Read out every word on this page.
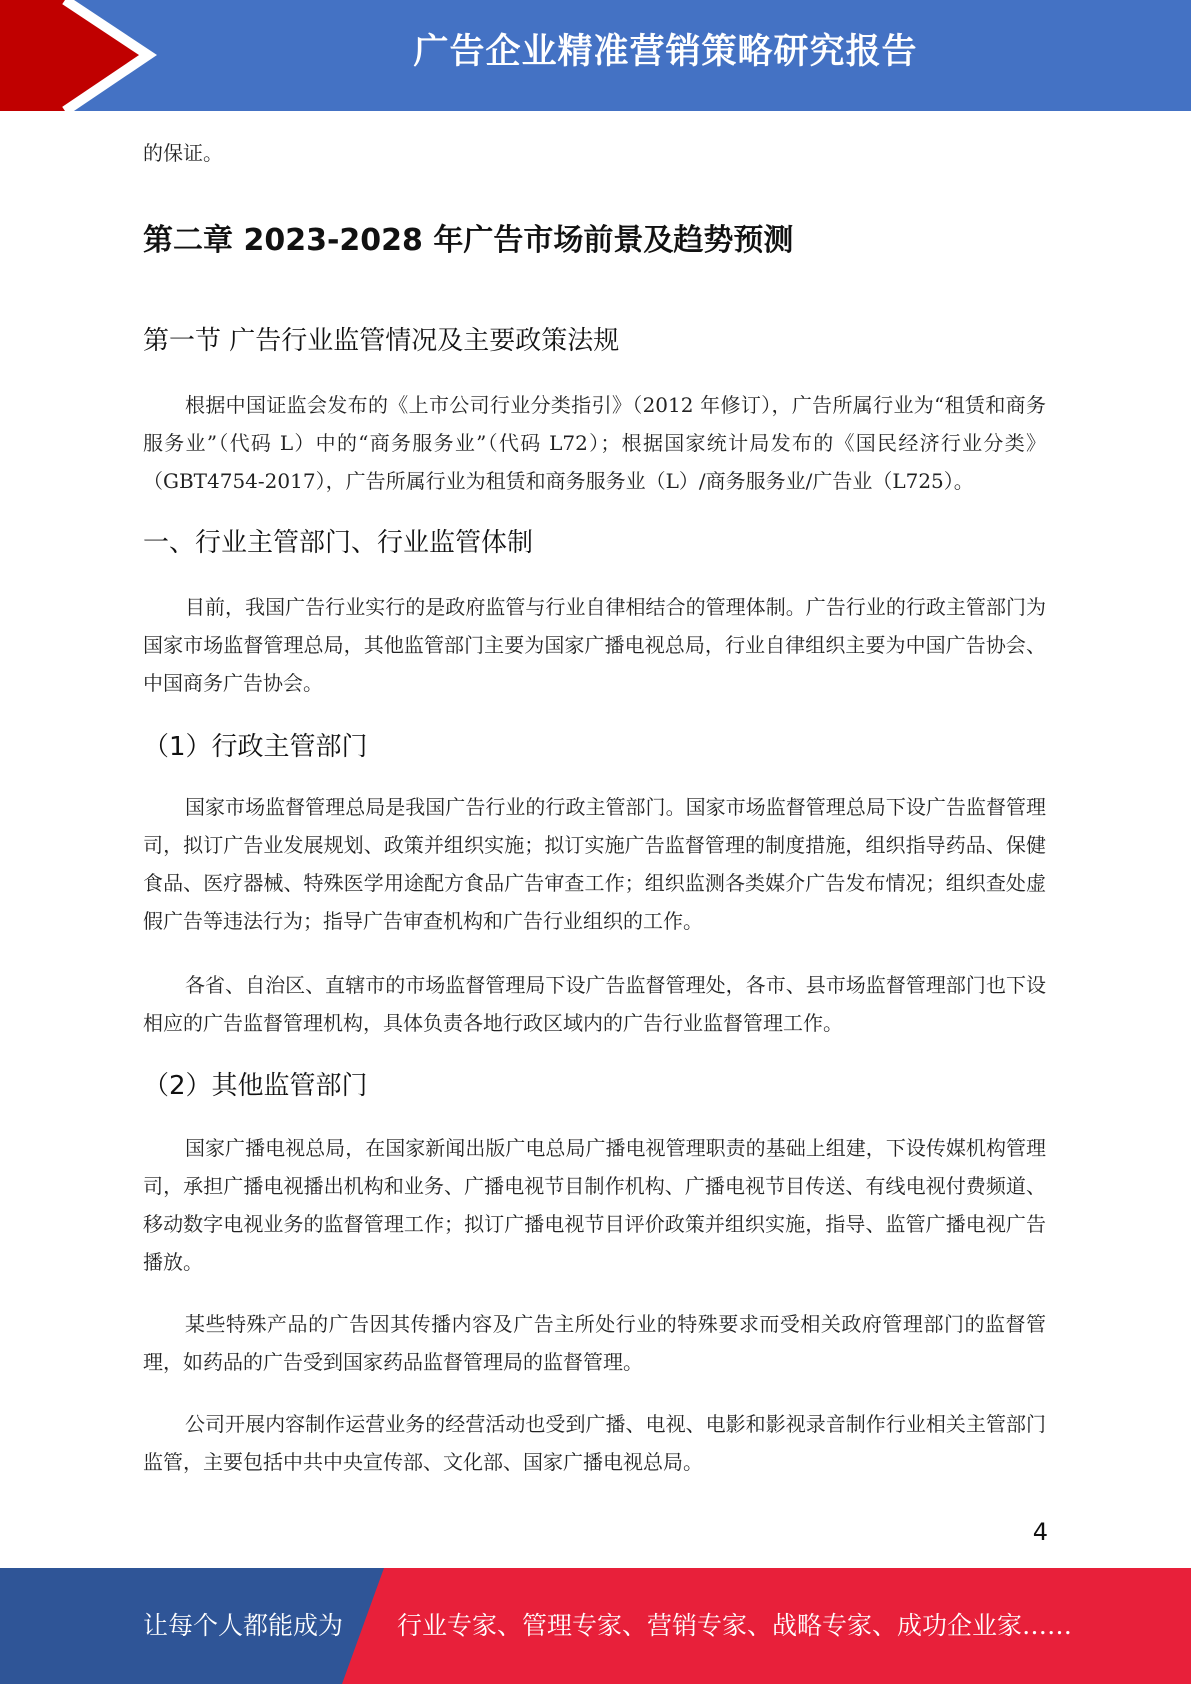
广告企业精准营销策略研究报告

的保证。

第二章 2023-2028 年广告市场前景及趋势预测
第一节 广告行业监管情况及主要政策法规

根据中国证监会发布的《上市公司行业分类指引》（2012 年修订），广告所属行业为“租赁和商务服务业”（代码 L）中的“商务服务业”（代码 L72）；根据国家统计局发布的《国民经济行业分类》（GBT4754-2017），广告所属行业为租赁和商务服务业（L）/商务服务业/广告业（L725）。

一、行业主管部门、行业监管体制

目前，我国广告行业实行的是政府监管与行业自律相结合的管理体制。广告行业的行政主管部门为国家市场监督管理总局，其他监管部门主要为国家广播电视总局，行业自律组织主要为中国广告协会、中国商务广告协会。

（1）行政主管部门

国家市场监督管理总局是我国广告行业的行政主管部门。国家市场监督管理总局下设广告监督管理司，拟订广告业发展规划、政策并组织实施；拟订实施广告监督管理的制度措施，组织指导药品、保健食品、医疗器械、特殊医学用途配方食品广告审查工作；组织监测各类媒介广告发布情况；组织查处虚假广告等违法行为；指导广告审查机构和广告行业组织的工作。

各省、自治区、直辖市的市场监督管理局下设广告监督管理处，各市、县市场监督管理部门也下设相应的广告监督管理机构，具体负责各地行政区域内的广告行业监督管理工作。

（2）其他监管部门

国家广播电视总局，在国家新闻出版广电总局广播电视管理职责的基础上组建，下设传媒机构管理司，承担广播电视播出机构和业务、广播电视节目制作机构、广播电视节目传送、有线电视付费频道、移动数字电视业务的监督管理工作；拟订广播电视节目评价政策并组织实施，指导、监管广播电视广告播放。

某些特殊产品的广告因其传播内容及广告主所处行业的特殊要求而受相关政府管理部门的监督管理，如药品的广告受到国家药品监督管理局的监督管理。

公司开展内容制作运营业务的经营活动也受到广播、电视、电影和影视录音制作行业相关主管部门监管，主要包括中共中央宣传部、文化部、国家广播电视总局。

4
让每个人都能成为 行业专家、管理专家、营销专家、战略专家、成功企业家……
